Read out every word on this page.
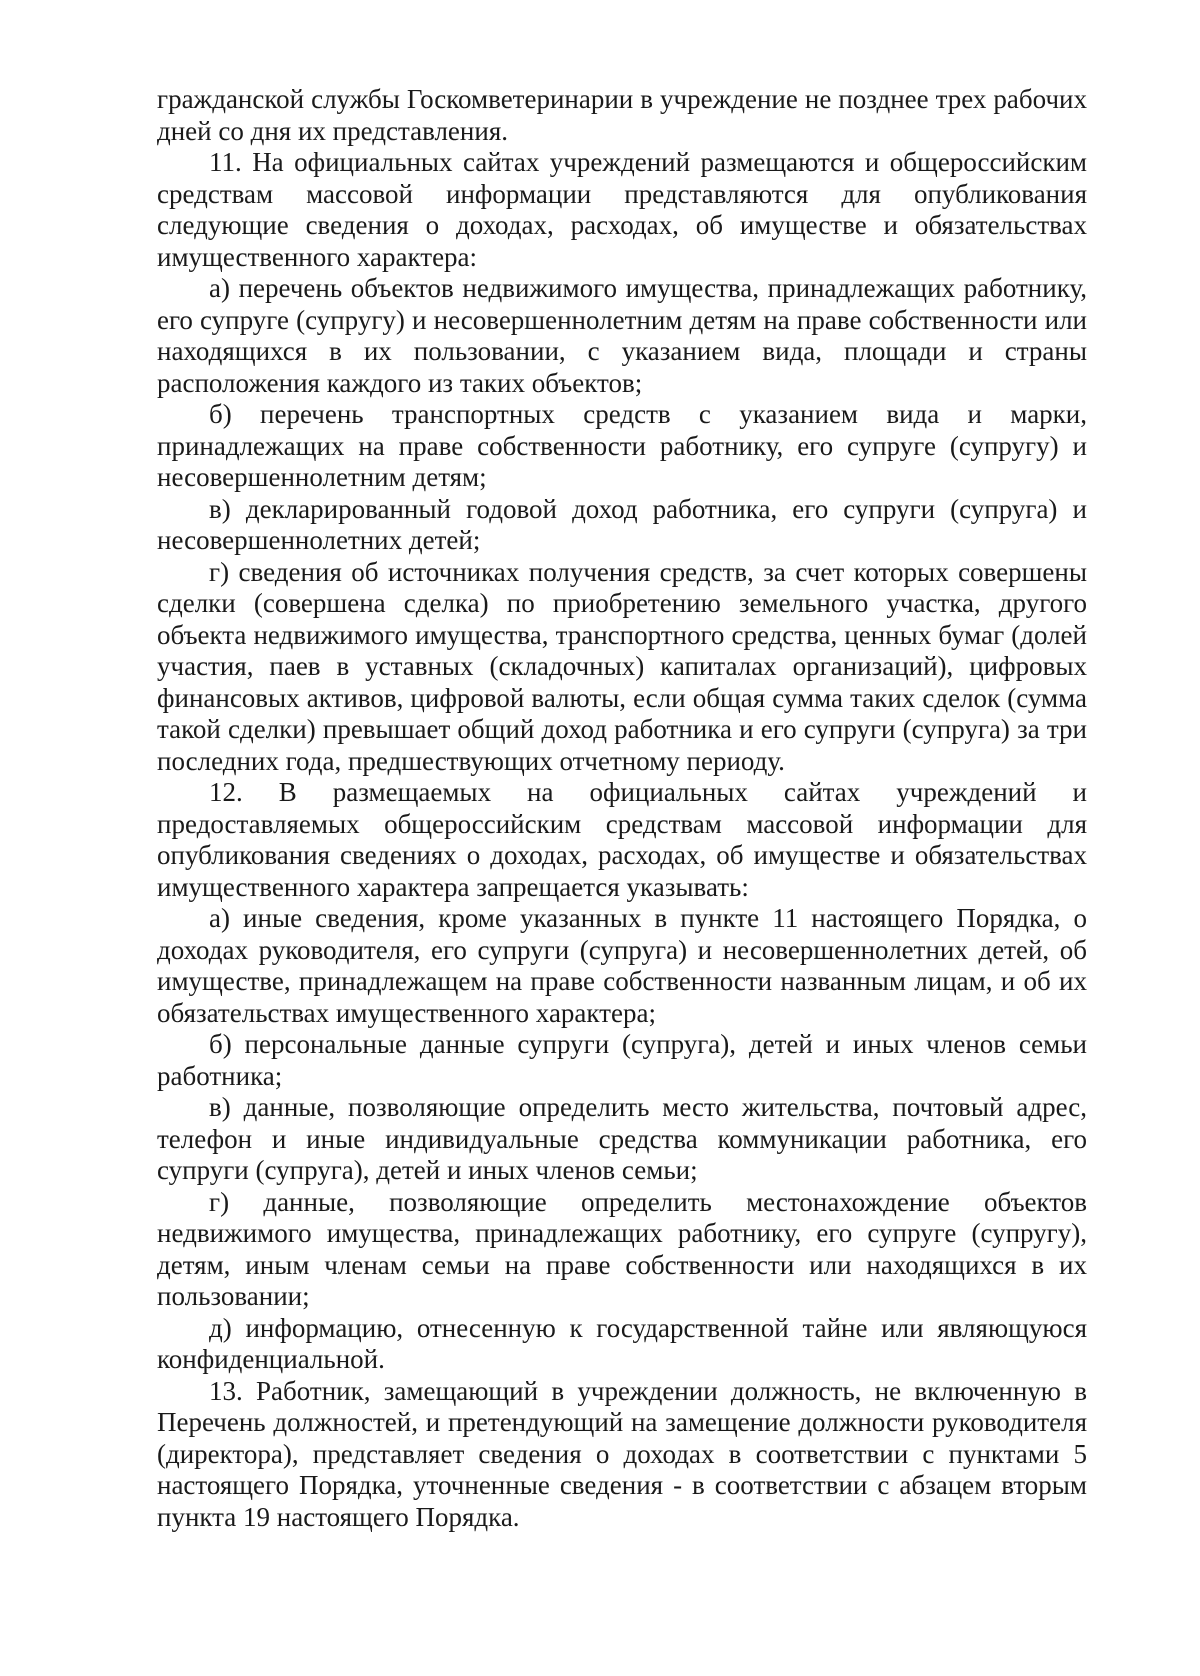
гражданской службы Госкомветеринарии в учреждение не позднее трех рабочих дней со дня их представления.

11. На официальных сайтах учреждений размещаются и общероссийским средствам массовой информации представляются для опубликования следующие сведения о доходах, расходах, об имуществе и обязательствах имущественного характера:

а) перечень объектов недвижимого имущества, принадлежащих работнику, его супруге (супругу) и несовершеннолетним детям на праве собственности или находящихся в их пользовании, с указанием вида, площади и страны расположения каждого из таких объектов;

б) перечень транспортных средств с указанием вида и марки, принадлежащих на праве собственности работнику, его супруге (супругу) и несовершеннолетним детям;

в) декларированный годовой доход работника, его супруги (супруга) и несовершеннолетних детей;

г) сведения об источниках получения средств, за счет которых совершены сделки (совершена сделка) по приобретению земельного участка, другого объекта недвижимого имущества, транспортного средства, ценных бумаг (долей участия, паев в уставных (складочных) капиталах организаций), цифровых финансовых активов, цифровой валюты, если общая сумма таких сделок (сумма такой сделки) превышает общий доход работника и его супруги (супруга) за три последних года, предшествующих отчетному периоду.

12. В размещаемых на официальных сайтах учреждений и предоставляемых общероссийским средствам массовой информации для опубликования сведениях о доходах, расходах, об имуществе и обязательствах имущественного характера запрещается указывать:

а) иные сведения, кроме указанных в пункте 11 настоящего Порядка, о доходах руководителя, его супруги (супруга) и несовершеннолетних детей, об имуществе, принадлежащем на праве собственности названным лицам, и об их обязательствах имущественного характера;

б) персональные данные супруги (супруга), детей и иных членов семьи работника;

в) данные, позволяющие определить место жительства, почтовый адрес, телефон и иные индивидуальные средства коммуникации работника, его супруги (супруга), детей и иных членов семьи;

г) данные, позволяющие определить местонахождение объектов недвижимого имущества, принадлежащих работнику, его супруге (супругу), детям, иным членам семьи на праве собственности или находящихся в их пользовании;

д) информацию, отнесенную к государственной тайне или являющуюся конфиденциальной.

13. Работник, замещающий в учреждении должность, не включенную в Перечень должностей, и претендующий на замещение должности руководителя (директора), представляет сведения о доходах в соответствии с пунктами 5 настоящего Порядка, уточненные сведения - в соответствии с абзацем вторым пункта 19 настоящего Порядка.
